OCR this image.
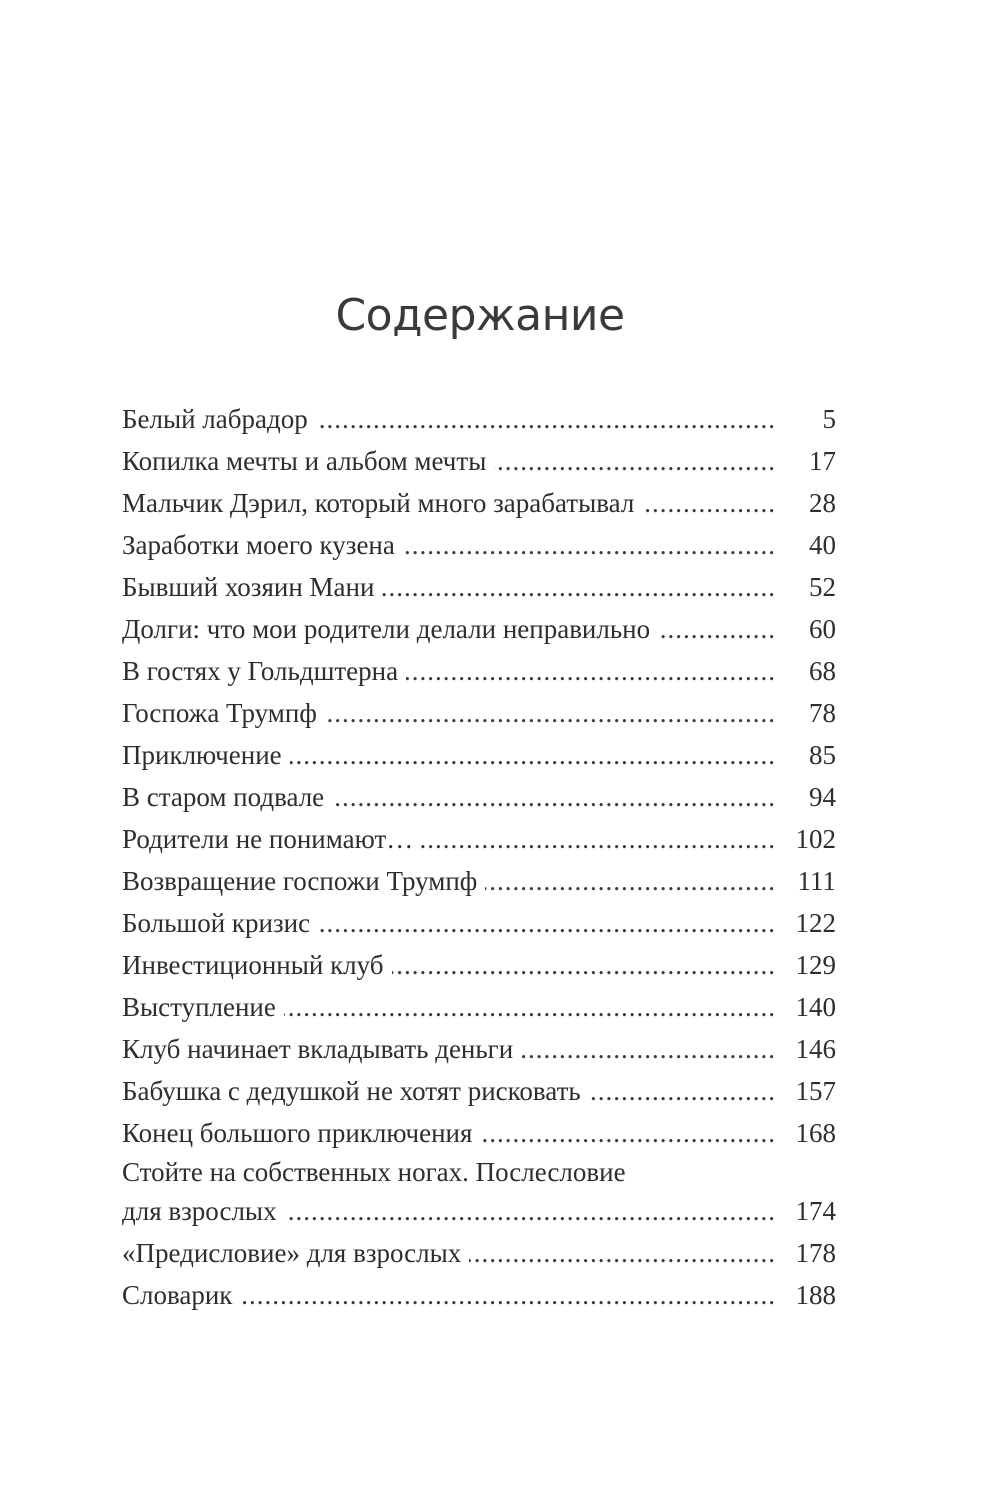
Содержание
Белый лабрадор .....	5
Копилка мечты и альбом мечты .....	17
Мальчик Дэрил, который много зарабатывал .....	28
Заработки моего кузена .....	40
Бывший хозяин Мани .....	52
Долги: что мои родители делали неправильно .....	60
В гостях у Гольдштерна .....	68
Госпожа Трумпф .....	78
Приключение .....	85
В старом подвале .....	94
Родители не понимают… .....	102
Возвращение госпожи Трумпф .....	111
Большой кризис .....	122
Инвестиционный клуб .....	129
Выступление .....	140
Клуб начинает вкладывать деньги .....	146
Бабушка с дедушкой не хотят рисковать .....	157
Конец большого приключения .....	168
Стойте на собственных ногах. Послесловие
для взрослых .....	174
«Предисловие» для взрослых .....	178
Словарик .....	188
